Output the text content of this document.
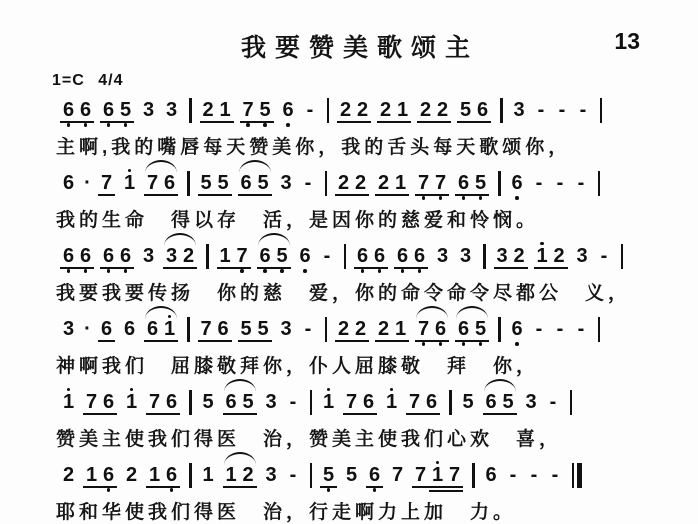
我要赞美歌颂主	13
1=C 4/4
6 6 6 5 3 3 2 1 7 5 6 - 2 2 2 1 2 2 5 6 3 - - -
主啊,我的嘴唇每天赞美你，我的舌头每天歌颂你，
6 · 7 1 7 6 5 5 6 5 3 - 2 2 2 1 7 7 6 5 6 - - -
我的生命　得以存　活，是因你的慈爱和怜悯。
6 6 6 6 3 3 2 1 7 6 5 6 - 6 6 6 6 3 3 3 2 1 2 3 -
我要我要传扬　你的慈　爱，你的命令命令尽都公　义，
3 · 6 6 6 1 7 6 5 5 3 - 2 2 2 1 7 6 6 5 6 - - -
神啊我们　屈膝敬拜你，仆人屈膝敬　拜　你，
1 7 6 1 7 6 5 6 5 3 - 1 7 6 1 7 6 5 6 5 3 -
赞美主使我们得医　治，赞美主使我们心欢　喜，
2 1 6 2 1 6 1 1 2 3 - 5 5 6 7 7 1 7 6 - - -
耶和华使我们得医　治，行走啊力上加　力。
